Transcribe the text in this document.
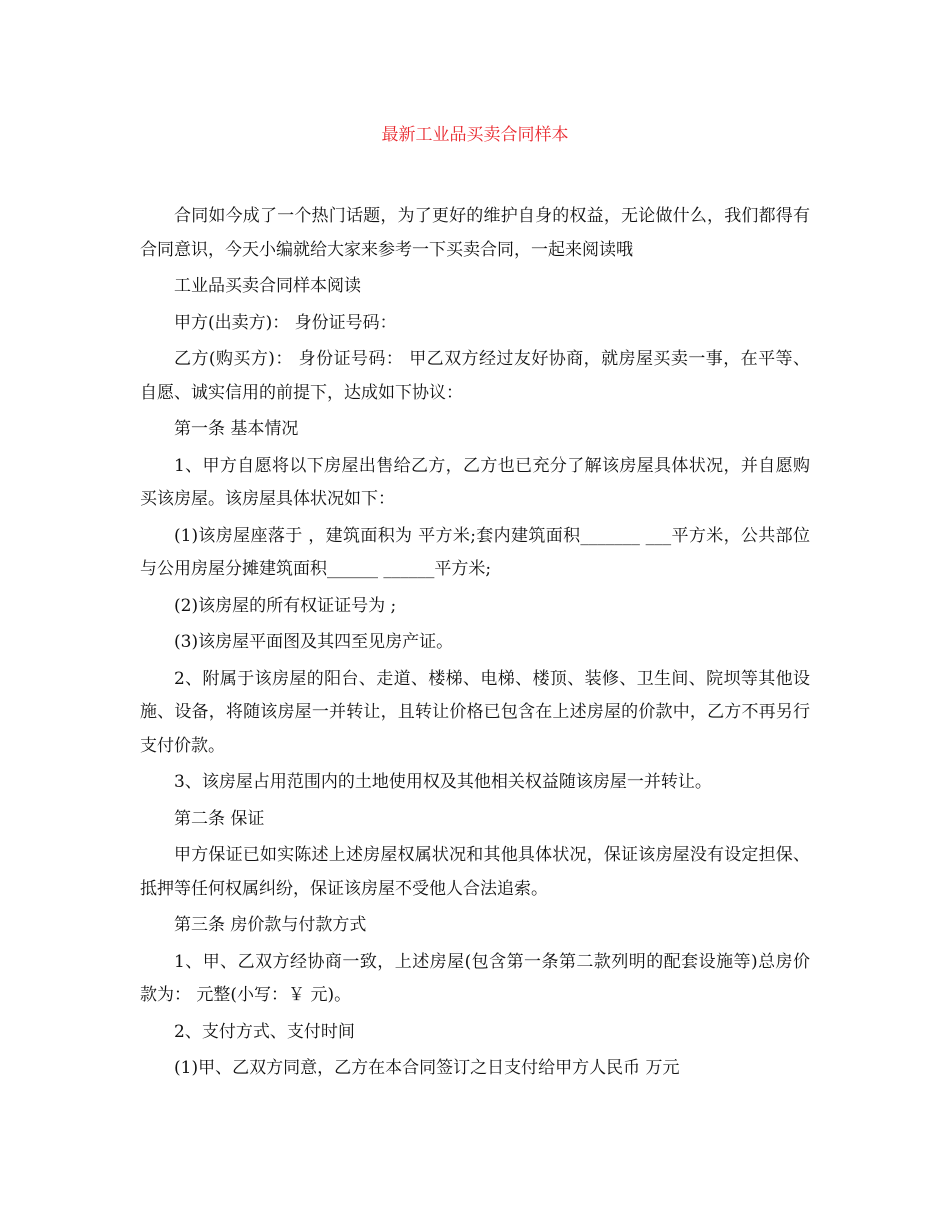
最新工业品买卖合同样本

合同如今成了一个热门话题，为了更好的维护自身的权益，无论做什么，我们都得有合同意识，今天小编就给大家来参考一下买卖合同，一起来阅读哦

工业品买卖合同样本阅读

甲方(出卖方)： 身份证号码：

乙方(购买方)： 身份证号码： 甲乙双方经过友好协商，就房屋买卖一事，在平等、自愿、诚实信用的前提下，达成如下协议：

第一条 基本情况

1、甲方自愿将以下房屋出售给乙方，乙方也已充分了解该房屋具体状况，并自愿购买该房屋。该房屋具体状况如下：

(1)该房屋座落于 ，建筑面积为 平方米;套内建筑面积_______ ___平方米，公共部位与公用房屋分摊建筑面积______ ______平方米;

(2)该房屋的所有权证证号为 ;

(3)该房屋平面图及其四至见房产证。

2、附属于该房屋的阳台、走道、楼梯、电梯、楼顶、装修、卫生间、院坝等其他设施、设备，将随该房屋一并转让，且转让价格已包含在上述房屋的价款中，乙方不再另行支付价款。

3、该房屋占用范围内的土地使用权及其他相关权益随该房屋一并转让。

第二条 保证

甲方保证已如实陈述上述房屋权属状况和其他具体状况，保证该房屋没有设定担保、抵押等任何权属纠纷，保证该房屋不受他人合法追索。

第三条 房价款与付款方式

1、甲、乙双方经协商一致，上述房屋(包含第一条第二款列明的配套设施等)总房价款为： 元整(小写：￥ 元)。

2、支付方式、支付时间

(1)甲、乙双方同意，乙方在本合同签订之日支付给甲方人民币 万元
